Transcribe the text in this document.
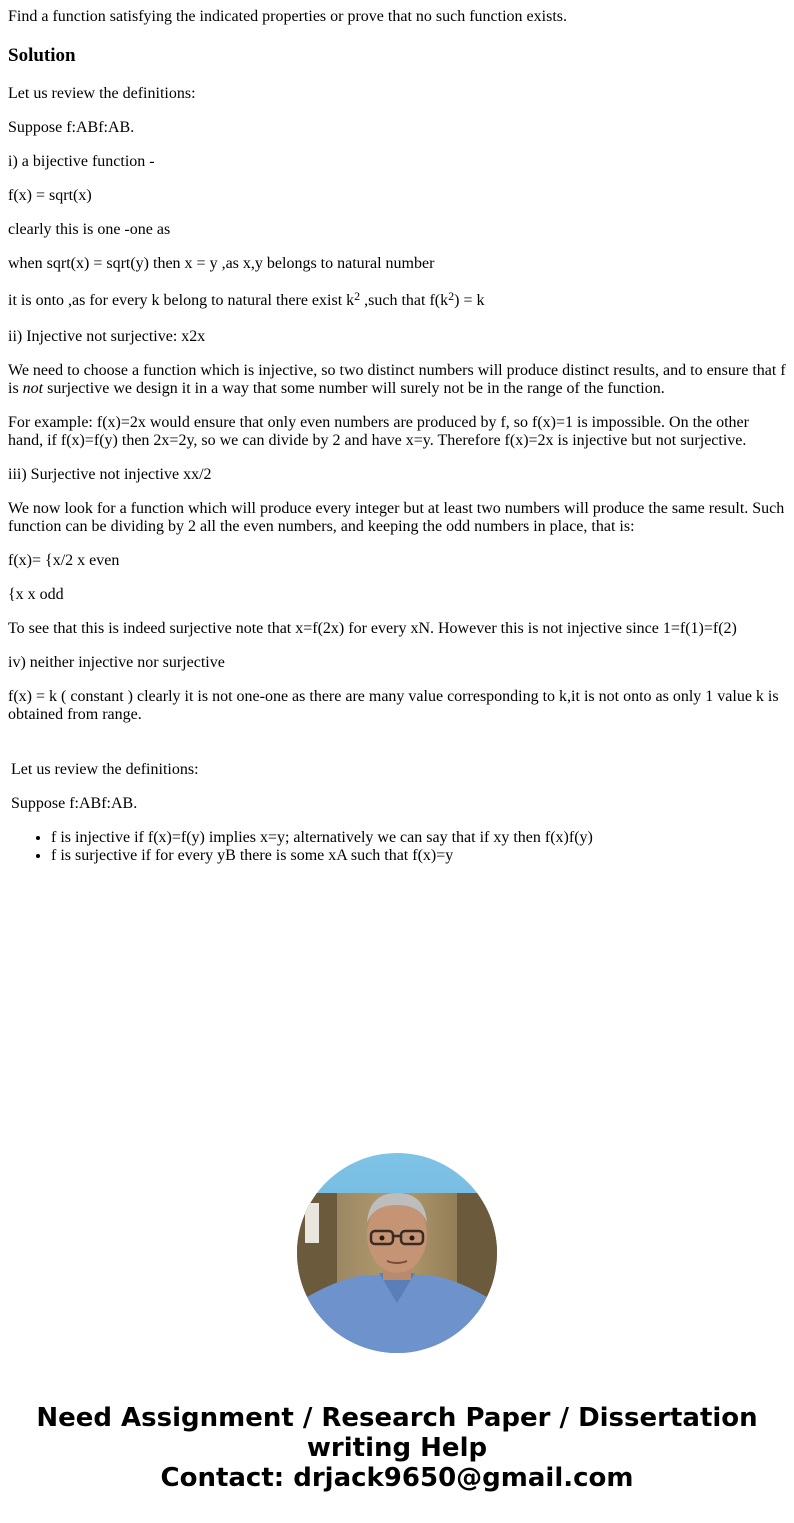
Find a function satisfying the indicated properties or prove that no such function exists.

Solution

Let us review the definitions:

Suppose f:ABf:AB.

i) a bijective function -

f(x) = sqrt(x)

clearly this is one -one as

when sqrt(x) = sqrt(y) then x = y ,as x,y belongs to natural number

it is onto ,as for every k belong to natural there exist $k^2$ ,such that $f(k^2) = k$

ii) Injective not surjective: x2x

We need to choose a function which is injective, so two distinct numbers will produce distinct results, and to ensure that f is not surjective we design it in a way that some number will surely not be in the range of the function.

For example: f(x)=2x would ensure that only even numbers are produced by f, so f(x)=1 is impossible. On the other hand, if f(x)=f(y) then 2x=2y, so we can divide by 2 and have x=y. Therefore f(x)=2x is injective but not surjective.

iii) Surjective not injective xx/2

We now look for a function which will produce every integer but at least two numbers will produce the same result. Such function can be dividing by 2 all the even numbers, and keeping the odd numbers in place, that is:

f(x)= {x/2 x even

{x x odd

To see that this is indeed surjective note that x=f(2x) for every xN. However this is not injective since 1=f(1)=f(2)

iv) neither injective nor surjective

f(x) = k ( constant ) clearly it is not one-one as there are many value corresponding to k,it is not onto as only 1 value k is obtained from range.

Let us review the definitions:

Suppose f:ABf:AB.

• f is injective if f(x)=f(y) implies x=y; alternatively we can say that if xy then f(x)f(y)
• f is surjective if for every yB there is some xA such that f(x)=y
Need Assignment / Research Paper / Dissertation
writing Help
Contact: drjack9650@gmail.com
